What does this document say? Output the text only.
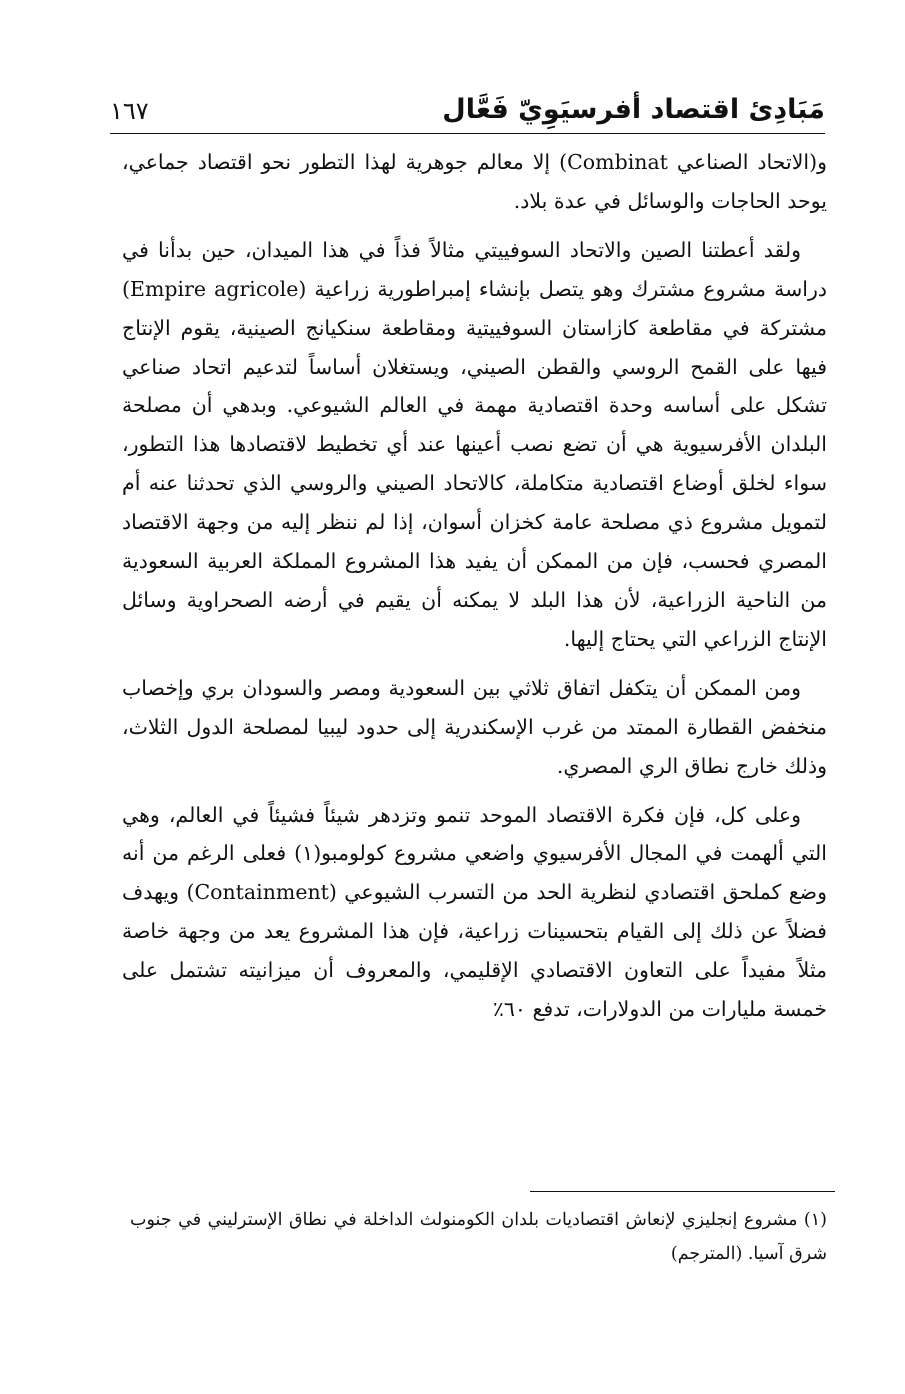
مَبَادِئ اقتصاد أفرسيَوِيّ فَعَّال
١٦٧

و(الاتحاد الصناعي Combinat) إلا معالم جوهرية لهذا التطور نحو اقتصاد جماعي، يوحد الحاجات والوسائل في عدة بلاد.

ولقد أعطتنا الصين والاتحاد السوفييتي مثالاً فذاً في هذا الميدان، حين بدأنا في دراسة مشروع مشترك وهو يتصل بإنشاء إمبراطورية زراعية (Empire agricole) مشتركة في مقاطعة كازاستان السوفييتية ومقاطعة سنكيانج الصينية، يقوم الإنتاج فيها على القمح الروسي والقطن الصيني، ويستغلان أساساً لتدعيم اتحاد صناعي تشكل على أساسه وحدة اقتصادية مهمة في العالم الشيوعي. وبدهي أن مصلحة البلدان الأفرسيوية هي أن تضع نصب أعينها عند أي تخطيط لاقتصادها هذا التطور، سواء لخلق أوضاع اقتصادية متكاملة، كالاتحاد الصيني والروسي الذي تحدثنا عنه أم لتمويل مشروع ذي مصلحة عامة كخزان أسوان، إذا لم ننظر إليه من وجهة الاقتصاد المصري فحسب، فإن من الممكن أن يفيد هذا المشروع المملكة العربية السعودية من الناحية الزراعية، لأن هذا البلد لا يمكنه أن يقيم في أرضه الصحراوية وسائل الإنتاج الزراعي التي يحتاج إليها.

ومن الممكن أن يتكفل اتفاق ثلاثي بين السعودية ومصر والسودان بري وإخصاب منخفض القطارة الممتد من غرب الإسكندرية إلى حدود ليبيا لمصلحة الدول الثلاث، وذلك خارج نطاق الري المصري.

وعلى كل، فإن فكرة الاقتصاد الموحد تنمو وتزدهر شيئاً فشيئاً في العالم، وهي التي ألهمت في المجال الأفرسيوي واضعي مشروع كولومبو(١) فعلى الرغم من أنه وضع كملحق اقتصادي لنظرية الحد من التسرب الشيوعي (Containment) ويهدف فضلاً عن ذلك إلى القيام بتحسينات زراعية، فإن هذا المشروع يعد من وجهة خاصة مثلاً مفيداً على التعاون الاقتصادي الإقليمي، والمعروف أن ميزانيته تشتمل على خمسة مليارات من الدولارات، تدفع ٦٠٪

(١) مشروع إنجليزي لإنعاش اقتصاديات بلدان الكومنولث الداخلة في نطاق الإسترليني في جنوب شرق آسيا. (المترجم)
